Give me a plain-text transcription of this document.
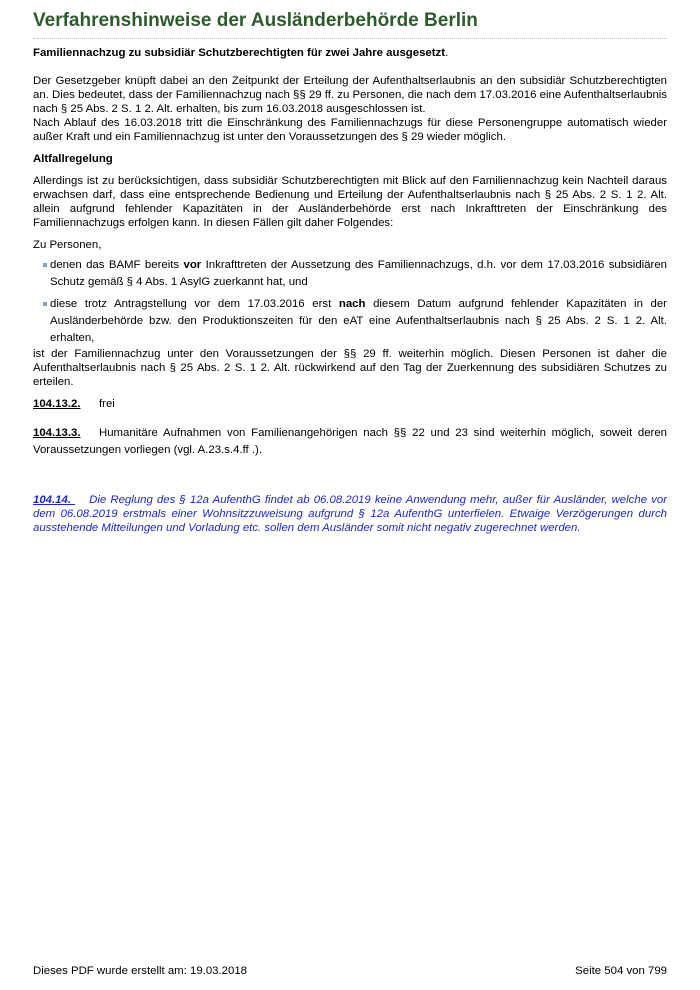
Verfahrenshinweise der Ausländerbehörde Berlin

Familiennachzug zu subsidiär Schutzberechtigten für zwei Jahre ausgesetzt.

Der Gesetzgeber knüpft dabei an den Zeitpunkt der Erteilung der Aufenthaltserlaubnis an den subsidiär Schutzberechtigten an. Dies bedeutet, dass der Familiennachzug nach §§ 29 ff. zu Personen, die nach dem 17.03.2016 eine Aufenthaltserlaubnis nach § 25 Abs. 2 S. 1 2. Alt. erhalten, bis zum 16.03.2018 ausgeschlossen ist.

Nach Ablauf des 16.03.2018 tritt die Einschränkung des Familiennachzugs für diese Personengruppe automatisch wieder außer Kraft und ein Familiennachzug ist unter den Voraussetzungen des § 29 wieder möglich.

Altfallregelung

Allerdings ist zu berücksichtigen, dass subsidiär Schutzberechtigten mit Blick auf den Familiennachzug kein Nachteil daraus erwachsen darf, dass eine entsprechende Bedienung und Erteilung der Aufenthaltserlaubnis nach § 25 Abs. 2 S. 1 2. Alt. allein aufgrund fehlender Kapazitäten in der Ausländerbehörde erst nach Inkrafttreten der Einschränkung des Familiennachzugs erfolgen kann. In diesen Fällen gilt daher Folgendes:

Zu Personen,

denen das BAMF bereits vor Inkrafttreten der Aussetzung des Familiennachzugs, d.h. vor dem 17.03.2016 subsidiären Schutz gemäß § 4 Abs. 1 AsylG zuerkannt hat, und
diese trotz Antragstellung vor dem 17.03.2016 erst nach diesem Datum aufgrund fehlender Kapazitäten in der Ausländerbehörde bzw. den Produktionszeiten für den eAT eine Aufenthaltserlaubnis nach § 25 Abs. 2 S. 1 2. Alt. erhalten,

ist der Familiennachzug unter den Voraussetzungen der §§ 29 ff. weiterhin möglich. Diesen Personen ist daher die Aufenthaltserlaubnis nach § 25 Abs. 2 S. 1 2. Alt. rückwirkend auf den Tag der Zuerkennung des subsidiären Schutzes zu erteilen.

104.13.2. frei

104.13.3. Humanitäre Aufnahmen von Familienangehörigen nach §§ 22 und 23 sind weiterhin möglich, soweit deren Voraussetzungen vorliegen (vgl. A.23.s.4.ff .).

104.14. Die Reglung des § 12a AufenthG findet ab 06.08.2019 keine Anwendung mehr, außer für Ausländer, welche vor dem 06.08.2019 erstmals einer Wohnsitzzuweisung aufgrund § 12a AufenthG unterfielen. Etwaige Verzögerungen durch ausstehende Mitteilungen und Vorladung etc. sollen dem Ausländer somit nicht negativ zugerechnet werden.

Dieses PDF wurde erstellt am: 19.03.2018	Seite 504 von 799
